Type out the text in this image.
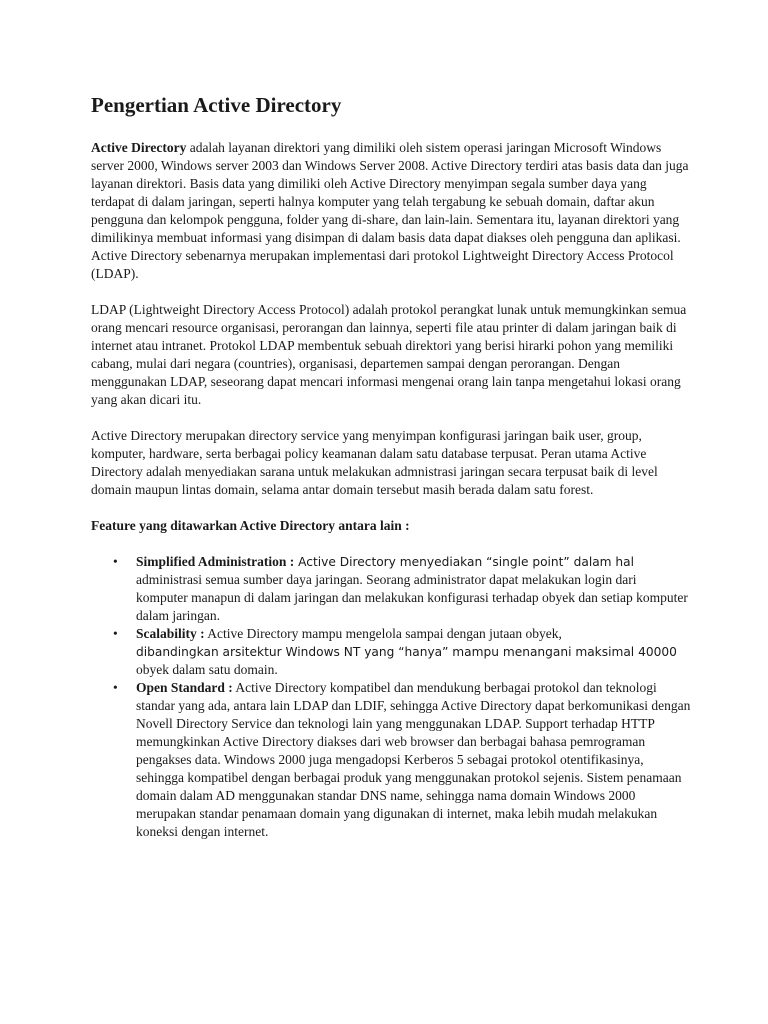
Pengertian Active Directory

Active Directory adalah layanan direktori yang dimiliki oleh sistem operasi jaringan Microsoft Windows server 2000, Windows server 2003 dan Windows Server 2008. Active Directory terdiri atas basis data dan juga layanan direktori. Basis data yang dimiliki oleh Active Directory menyimpan segala sumber daya yang terdapat di dalam jaringan, seperti halnya komputer yang telah tergabung ke sebuah domain, daftar akun pengguna dan kelompok pengguna, folder yang di-share, dan lain-lain. Sementara itu, layanan direktori yang dimilikinya membuat informasi yang disimpan di dalam basis data dapat diakses oleh pengguna dan aplikasi. Active Directory sebenarnya merupakan implementasi dari protokol Lightweight Directory Access Protocol (LDAP).

LDAP (Lightweight Directory Access Protocol) adalah protokol perangkat lunak untuk memungkinkan semua orang mencari resource organisasi, perorangan dan lainnya, seperti file atau printer di dalam jaringan baik di internet atau intranet. Protokol LDAP membentuk sebuah direktori yang berisi hirarki pohon yang memiliki cabang, mulai dari negara (countries), organisasi, departemen sampai dengan perorangan. Dengan menggunakan LDAP, seseorang dapat mencari informasi mengenai orang lain tanpa mengetahui lokasi orang yang akan dicari itu.

Active Directory merupakan directory service yang menyimpan konfigurasi jaringan baik user, group, komputer, hardware, serta berbagai policy keamanan dalam satu database terpusat. Peran utama Active Directory adalah menyediakan sarana untuk melakukan admnistrasi jaringan secara terpusat baik di level domain maupun lintas domain, selama antar domain tersebut masih berada dalam satu forest.

Feature yang ditawarkan Active Directory antara lain :
• Simplified Administration : Active Directory menyediakan “single point” dalam hal
administrasi semua sumber daya jaringan. Seorang administrator dapat melakukan login dari komputer manapun di dalam jaringan dan melakukan konfigurasi terhadap obyek dan setiap komputer dalam jaringan.
• Scalability : Active Directory mampu mengelola sampai dengan jutaan obyek,
dibandingkan arsitektur Windows NT yang “hanya” mampu menangani maksimal 40000
obyek dalam satu domain.
• Open Standard : Active Directory kompatibel dan mendukung berbagai protokol dan teknologi standar yang ada, antara lain LDAP dan LDIF, sehingga Active Directory dapat berkomunikasi dengan Novell Directory Service dan teknologi lain yang menggunakan LDAP. Support terhadap HTTP memungkinkan Active Directory diakses dari web browser dan berbagai bahasa pemrograman pengakses data. Windows 2000 juga mengadopsi Kerberos 5 sebagai protokol otentifikasinya, sehingga kompatibel dengan berbagai produk yang menggunakan protokol sejenis. Sistem penamaan domain dalam AD menggunakan standar DNS name, sehingga nama domain Windows 2000 merupakan standar penamaan domain yang digunakan di internet, maka lebih mudah melakukan koneksi dengan internet.
